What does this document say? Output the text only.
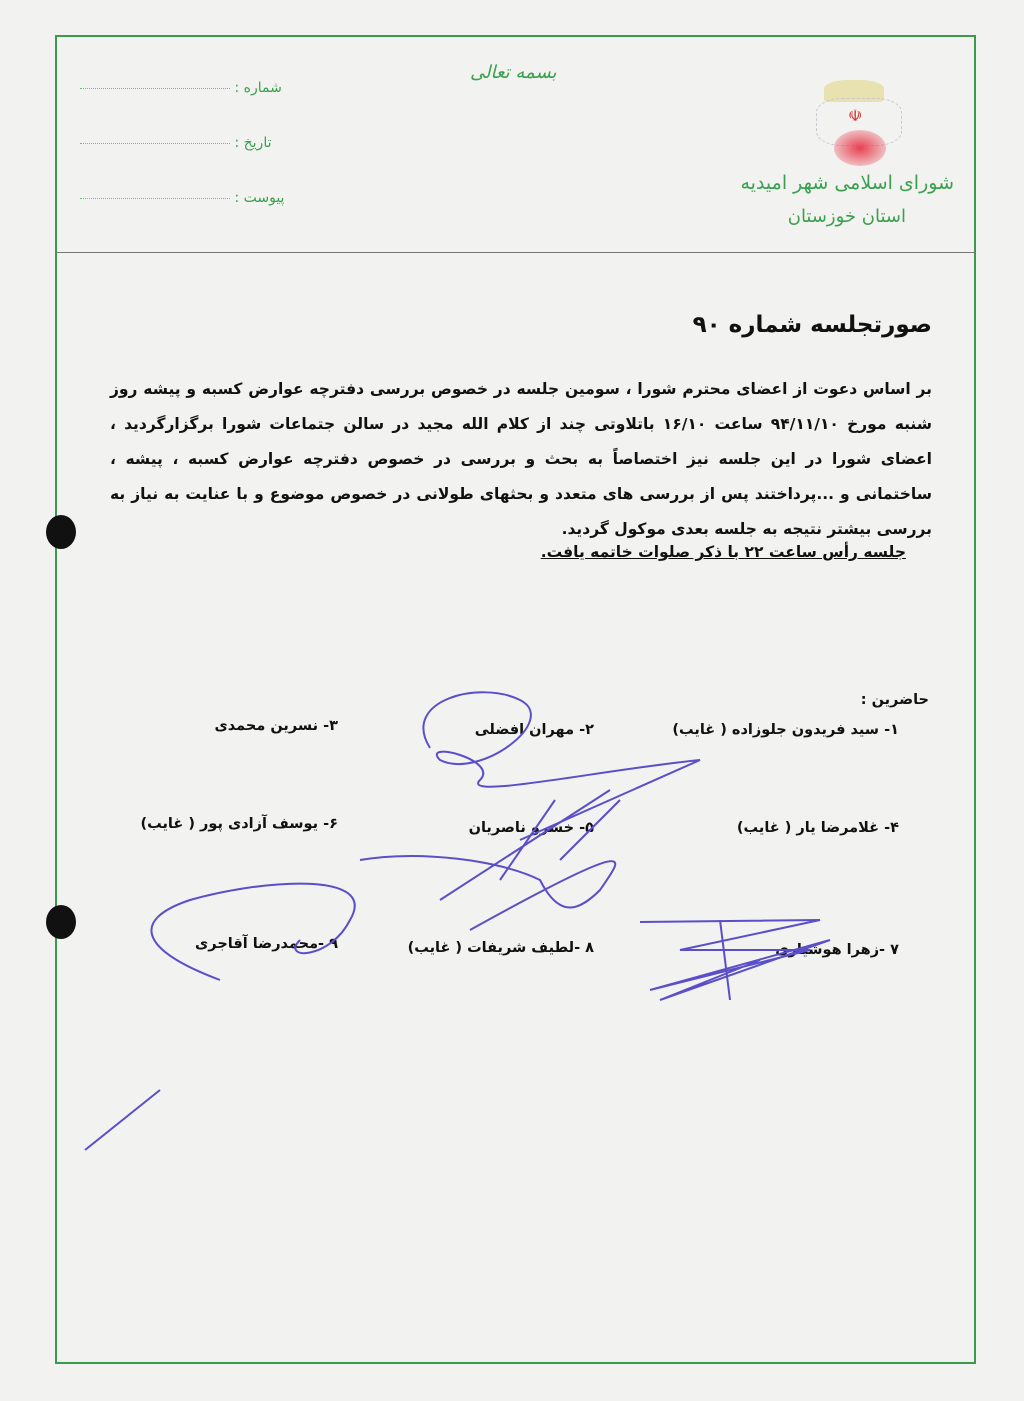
بسمه تعالی
شماره :
تاریخ :
پیوست :
☫
شورای اسلامی شهر امیدیه
استان خوزستان
صورتجلسه شماره ۹۰
بر اساس دعوت از اعضای محترم شورا ، سومین جلسه در خصوص بررسی دفترچه عوارض کسبه و پیشه روز شنبه مورخ ۹۴/۱۱/۱۰ ساعت ۱۶/۱۰ باتلاوتی چند از کلام الله مجید در سالن جتماعات شورا برگزارگردید ، اعضای شورا در این جلسه نیز اختصاصاً به بحث و بررسی در خصوص دفترچه عوارض کسبه ، پیشه ، ساختمانی و ...پرداختند پس از بررسی های متعدد و بحثهای طولانی در خصوص موضوع و با عنایت به نیاز به بررسی بیشتر نتیجه به جلسه بعدی موکول گردید.
جلسه رأس ساعت ۲۲ با ذکر صلوات خاتمه یافت.
حاضرین :
۱- سید فریدون جلوزاده ( غایب)
۲- مهران افضلی
۳- نسرین محمدی
۴- غلامرضا یار ( غایب)
۵- خسرو ناصریان
۶- یوسف آزادی پور ( غایب)
۷ -زهرا هوشیاری
۸ -لطیف شریفات ( غایب)
۹ -محمدرضا آقاجری
